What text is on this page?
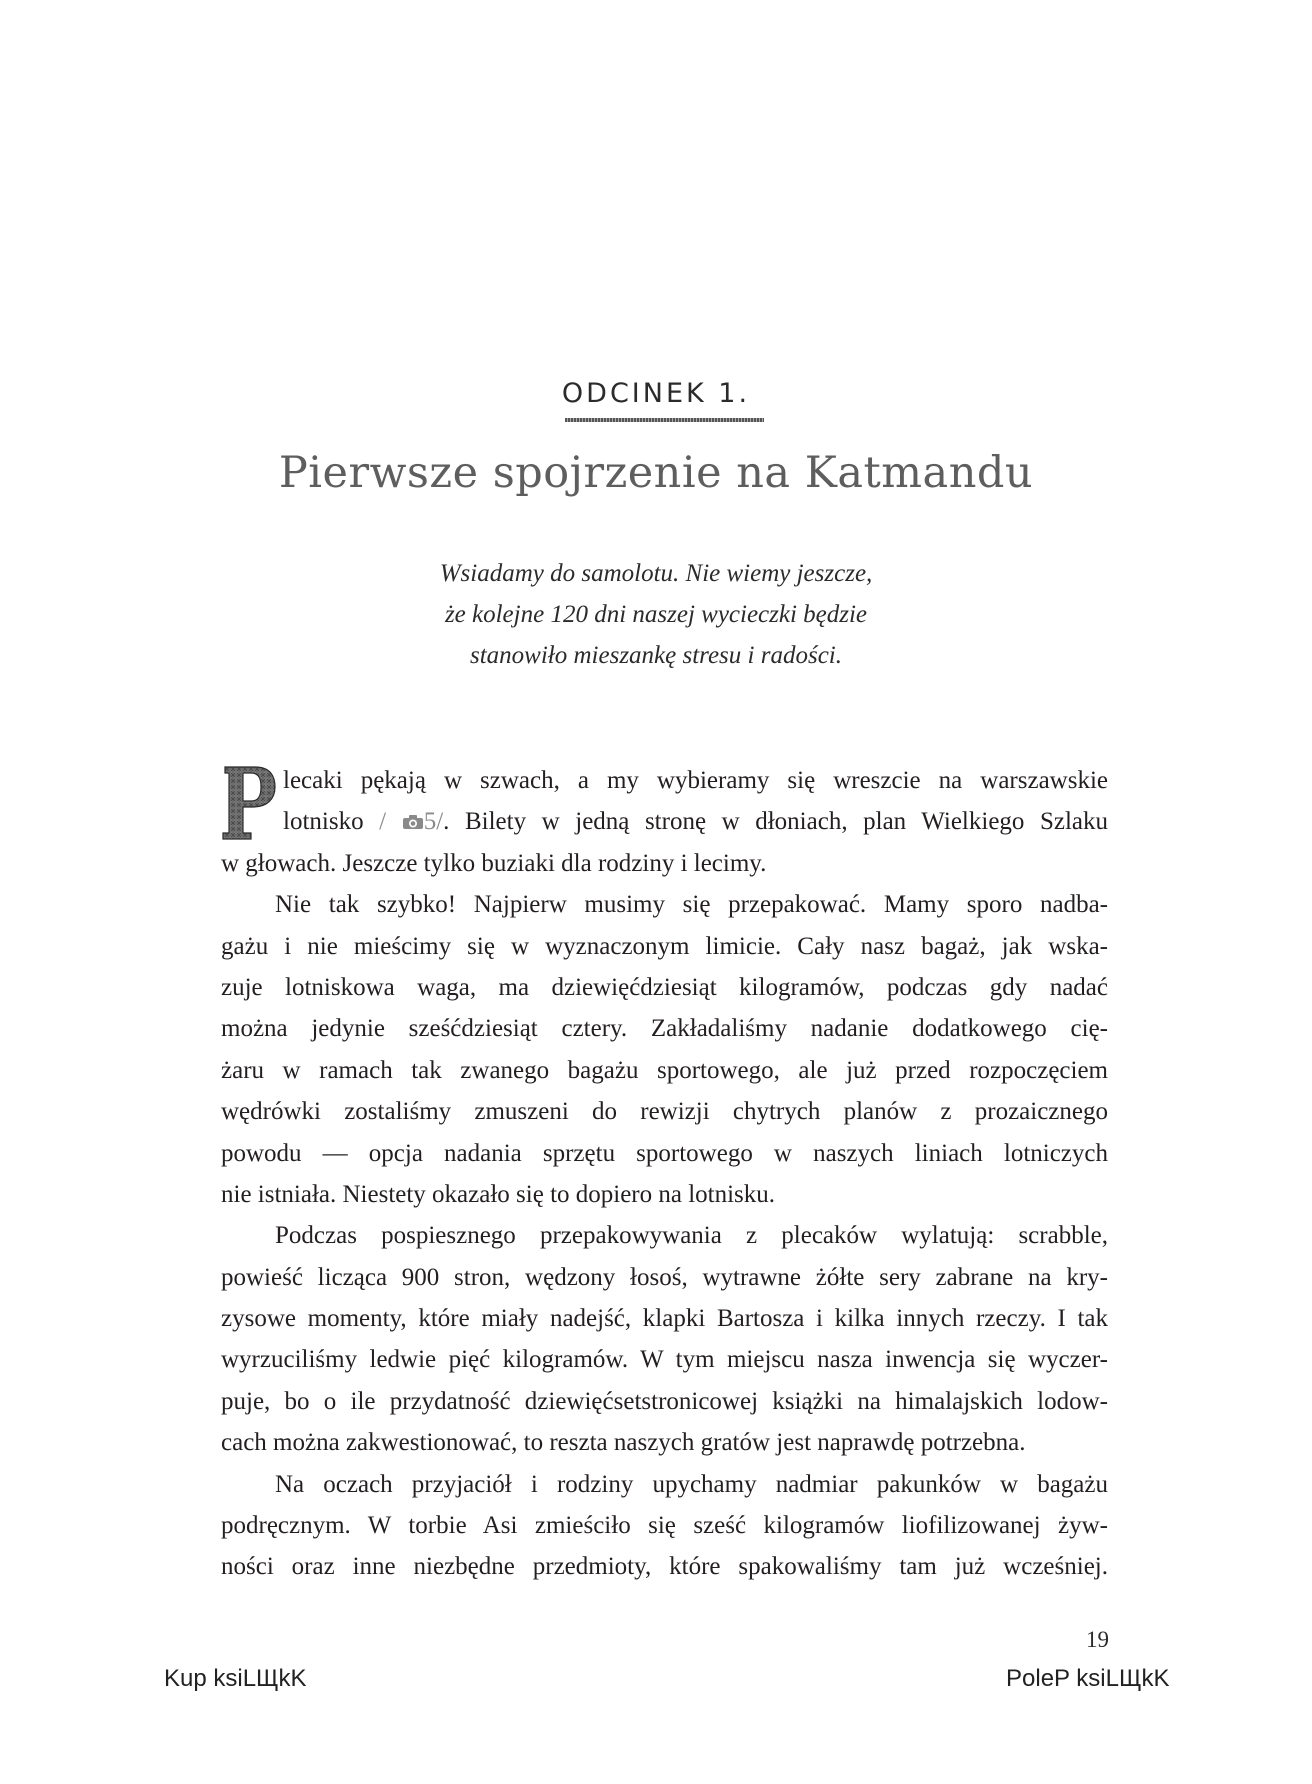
ODCINEK 1.
Pierwsze spojrzenie na Katmandu
Wsiadamy do samolotu. Nie wiemy jeszcze,
że kolejne 120 dni naszej wycieczki będzie
stanowiło mieszankę stresu i radości.
lecaki pękają w szwach, a my wybieramy się wreszcie na warszawskie
lotnisko / 5/. Bilety w jedną stronę w dłoniach, plan Wielkiego Szlaku
w głowach. Jeszcze tylko buziaki dla rodziny i lecimy.
Nie tak szybko! Najpierw musimy się przepakować. Mamy sporo nadba-
gażu i nie mieścimy się w wyznaczonym limicie. Cały nasz bagaż, jak wska-
zuje lotniskowa waga, ma dziewięćdziesiąt kilogramów, podczas gdy nadać
można jedynie sześćdziesiąt cztery. Zakładaliśmy nadanie dodatkowego cię-
żaru w ramach tak zwanego bagażu sportowego, ale już przed rozpoczęciem
wędrówki zostaliśmy zmuszeni do rewizji chytrych planów z prozaicznego
powodu — opcja nadania sprzętu sportowego w naszych liniach lotniczych
nie istniała. Niestety okazało się to dopiero na lotnisku.
Podczas pospiesznego przepakowywania z plecaków wylatują: scrabble,
powieść licząca 900 stron, wędzony łosoś, wytrawne żółte sery zabrane na kry-
zysowe momenty, które miały nadejść, klapki Bartosza i kilka innych rzeczy. I tak
wyrzuciliśmy ledwie pięć kilogramów. W tym miejscu nasza inwencja się wyczer-
puje, bo o ile przydatność dziewięćsetstronicowej książki na himalajskich lodow-
cach można zakwestionować, to reszta naszych gratów jest naprawdę potrzebna.
Na oczach przyjaciół i rodziny upychamy nadmiar pakunków w bagażu
podręcznym. W torbie Asi zmieściło się sześć kilogramów liofilizowanej żyw-
ności oraz inne niezbędne przedmioty, które spakowaliśmy tam już wcześniej.
19
Kup ksiLЩkK	PoleP ksiLЩkK
